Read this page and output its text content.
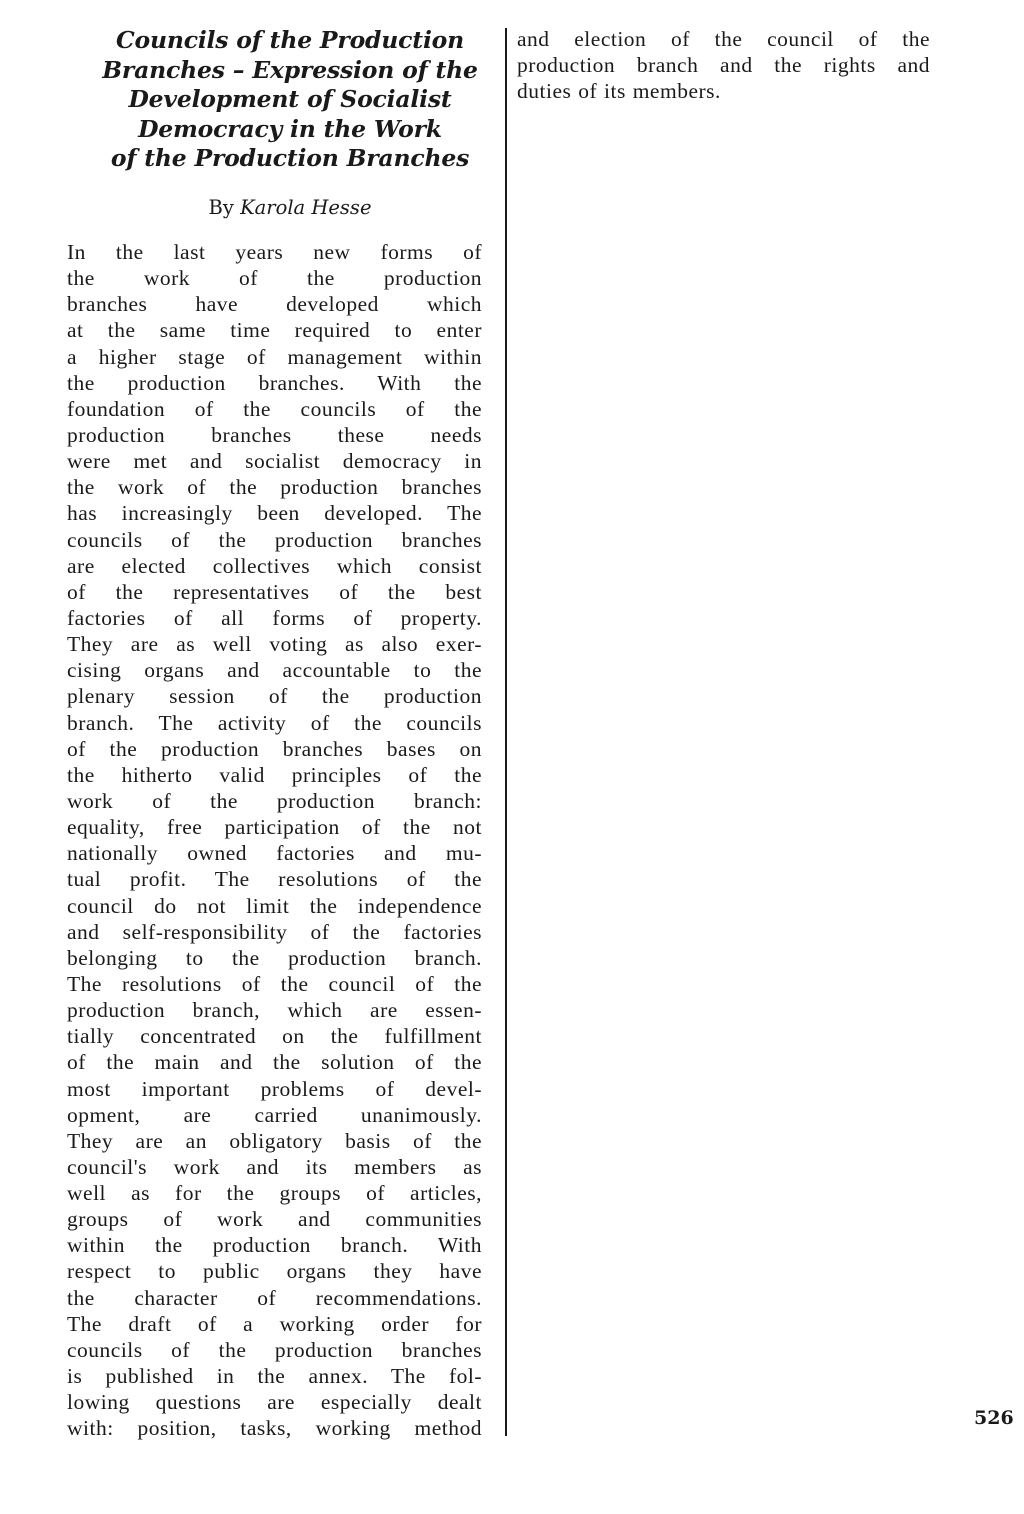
Councils of the Production
Branches – Expression of the
Development of Socialist
Democracy in the Work
of the Production Branches
By Karola Hesse
In the last years new forms of
the work of the production
branches have developed which
at the same time required to enter
a higher stage of management within
the production branches. With the
foundation of the councils of the
production branches these needs
were met and socialist democracy in
the work of the production branches
has increasingly been developed. The
councils of the production branches
are elected collectives which consist
of the representatives of the best
factories of all forms of property.
They are as well voting as also exer-
cising organs and accountable to the
plenary session of the production
branch. The activity of the councils
of the production branches bases on
the hitherto valid principles of the
work of the production branch:
equality, free participation of the not
nationally owned factories and mu-
tual profit. The resolutions of the
council do not limit the independence
and self-responsibility of the factories
belonging to the production branch.
The resolutions of the council of the
production branch, which are essen-
tially concentrated on the fulfillment
of the main and the solution of the
most important problems of devel-
opment, are carried unanimously.
They are an obligatory basis of the
council's work and its members as
well as for the groups of articles,
groups of work and communities
within the production branch. With
respect to public organs they have
the character of recommendations.
The draft of a working order for
councils of the production branches
is published in the annex. The fol-
lowing questions are especially dealt
with: position, tasks, working method
and election of the council of the
production branch and the rights and
duties of its members.
526
